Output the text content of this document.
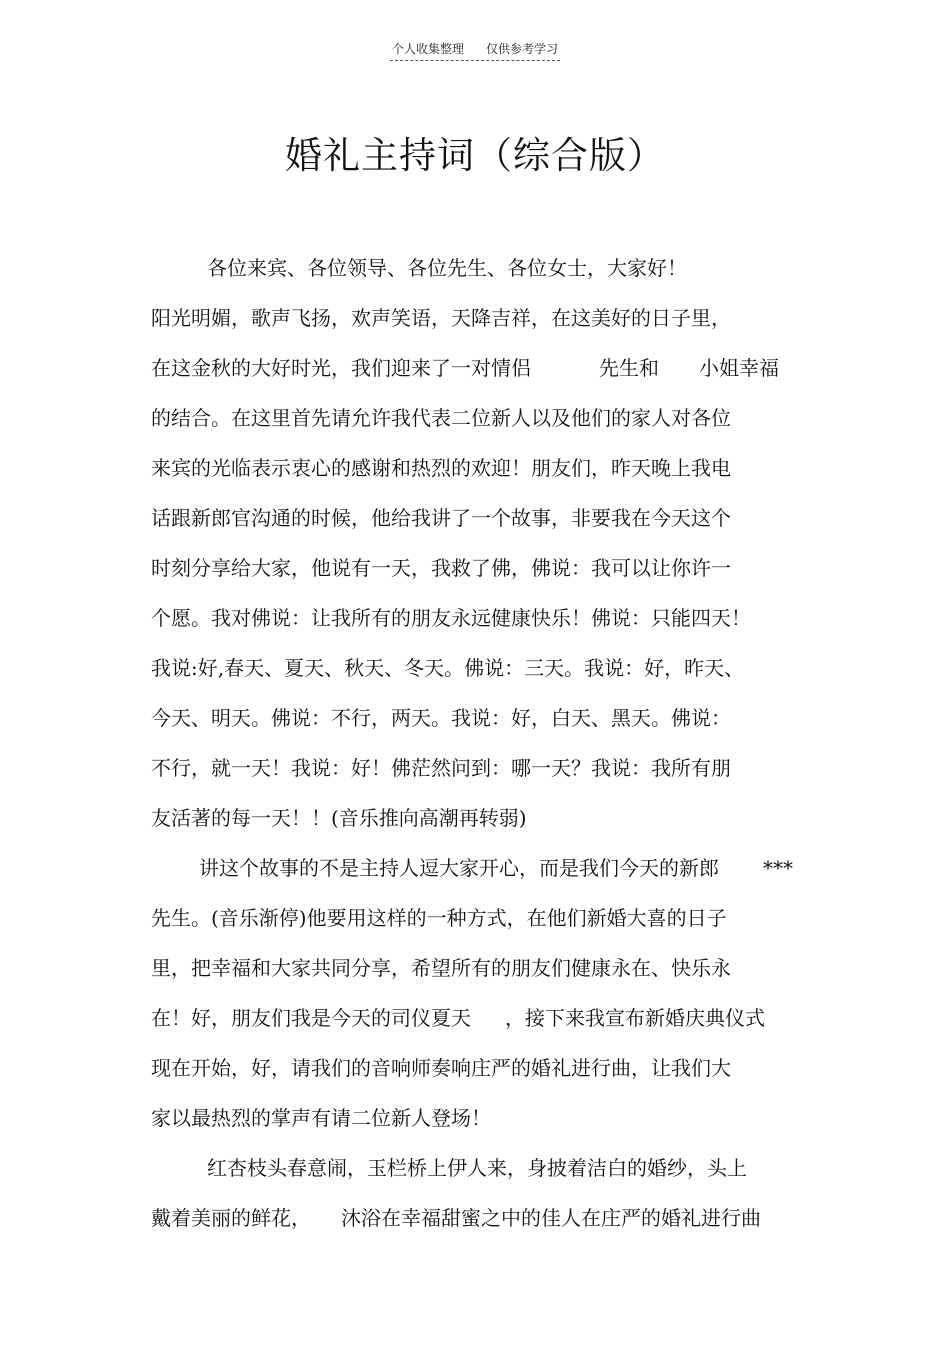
个人收集整理 仅供参考学习
婚礼主持词（综合版）
各位来宾、各位领导、各位先生、各位女士，大家好！
阳光明媚，歌声飞扬，欢声笑语，天降吉祥，在这美好的日子里，
在这金秋的大好时光，我们迎来了一对情侣	先生和 小姐幸福
的结合。在这里首先请允许我代表二位新人以及他们的家人对各位
来宾的光临表示衷心的感谢和热烈的欢迎！朋友们，昨天晚上我电
话跟新郎官沟通的时候，他给我讲了一个故事，非要我在今天这个
时刻分享给大家，他说有一天，我救了佛，佛说：我可以让你许一
个愿。我对佛说：让我所有的朋友永远健康快乐！佛说：只能四天！
我说:好,春天、夏天、秋天、冬天。佛说：三天。我说：好，昨天、
今天、明天。佛说：不行，两天。我说：好，白天、黑天。佛说：
不行，就一天！我说：好！佛茫然问到：哪一天？我说：我所有朋
友活著的每一天！！(音乐推向高潮再转弱)
讲这个故事的不是主持人逗大家开心，而是我们今天的新郎 ***
先生。(音乐渐停)他要用这样的一种方式，在他们新婚大喜的日子
里，把幸福和大家共同分享，希望所有的朋友们健康永在、快乐永
在！好，朋友们我是今天的司仪夏天 ，接下来我宣布新婚庆典仪式
现在开始，好，请我们的音响师奏响庄严的婚礼进行曲，让我们大
家以最热烈的掌声有请二位新人登场！
红杏枝头春意闹，玉栏桥上伊人来，身披着洁白的婚纱，头上
戴着美丽的鲜花， 沐浴在幸福甜蜜之中的佳人在庄严的婚礼进行曲
